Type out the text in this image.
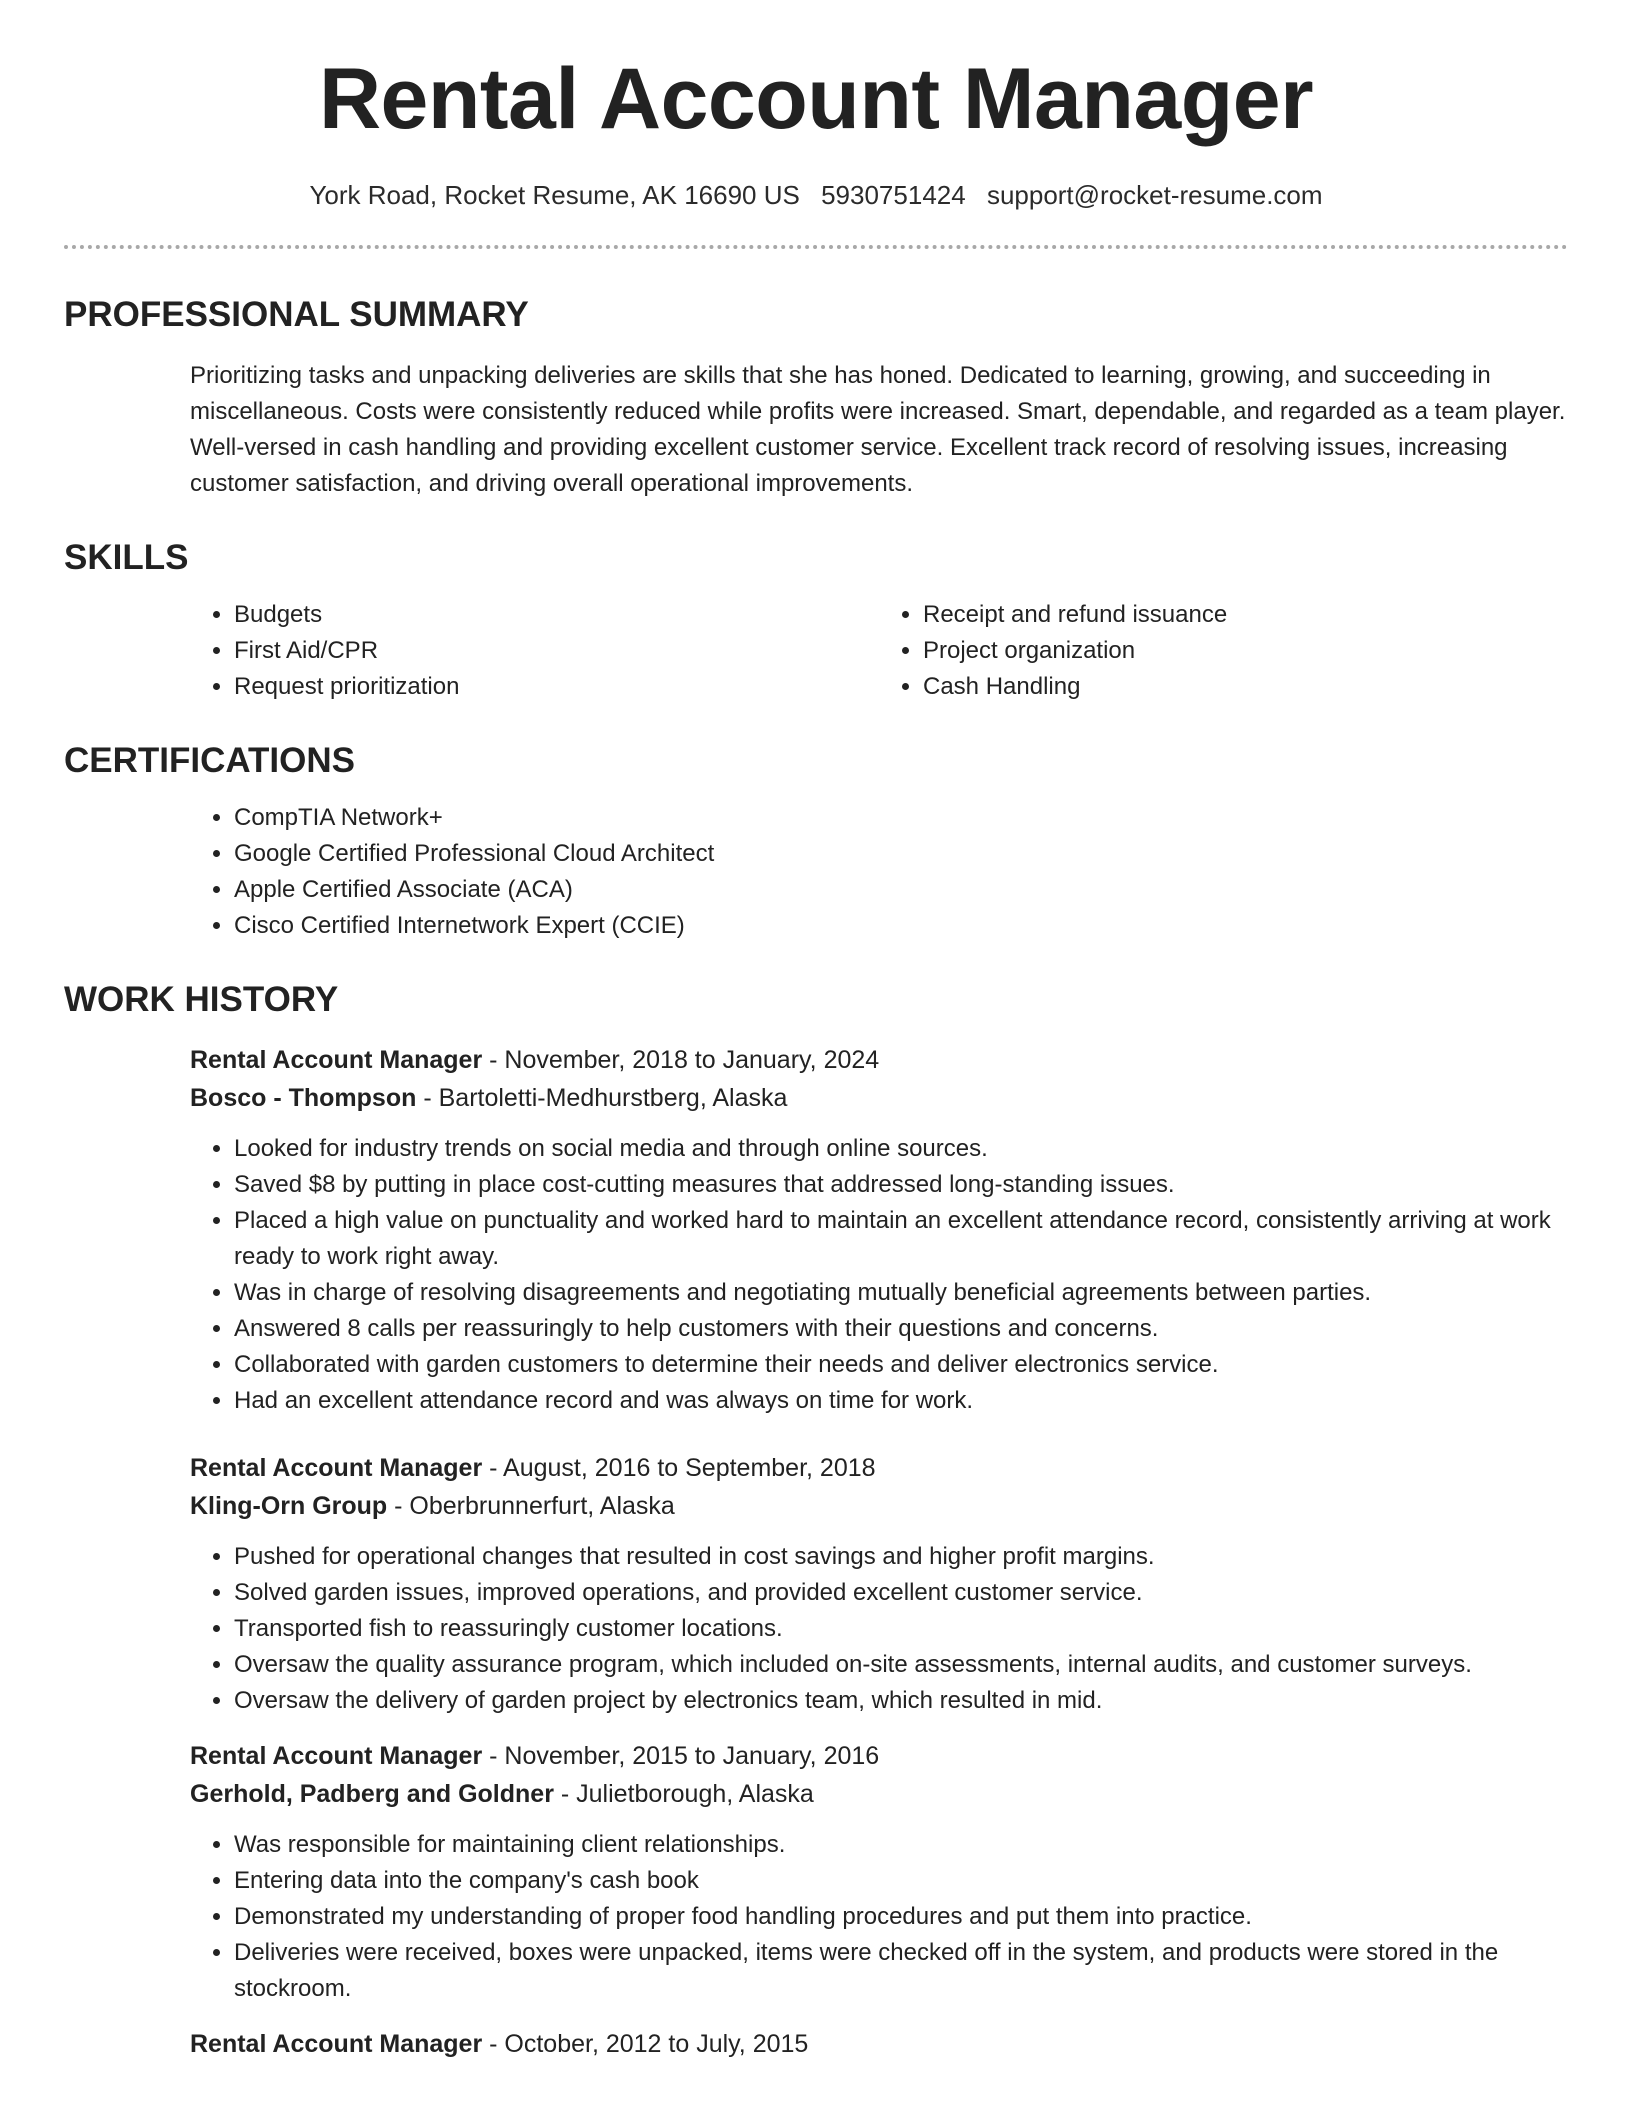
Rental Account Manager
York Road, Rocket Resume, AK 16690 US 5930751424 support@rocket-resume.com
PROFESSIONAL SUMMARY
Prioritizing tasks and unpacking deliveries are skills that she has honed. Dedicated to learning, growing, and succeeding in miscellaneous. Costs were consistently reduced while profits were increased. Smart, dependable, and regarded as a team player. Well-versed in cash handling and providing excellent customer service. Excellent track record of resolving issues, increasing customer satisfaction, and driving overall operational improvements.
SKILLS
• Budgets
• First Aid/CPR
• Request prioritization
• Receipt and refund issuance
• Project organization
• Cash Handling
CERTIFICATIONS
• CompTIA Network+
• Google Certified Professional Cloud Architect
• Apple Certified Associate (ACA)
• Cisco Certified Internetwork Expert (CCIE)
WORK HISTORY
Rental Account Manager - November, 2018 to January, 2024
Bosco - Thompson - Bartoletti-Medhurstberg, Alaska
• Looked for industry trends on social media and through online sources.
• Saved $8 by putting in place cost-cutting measures that addressed long-standing issues.
• Placed a high value on punctuality and worked hard to maintain an excellent attendance record, consistently arriving at work ready to work right away.
• Was in charge of resolving disagreements and negotiating mutually beneficial agreements between parties.
• Answered 8 calls per reassuringly to help customers with their questions and concerns.
• Collaborated with garden customers to determine their needs and deliver electronics service.
• Had an excellent attendance record and was always on time for work.
Rental Account Manager - August, 2016 to September, 2018
Kling-Orn Group - Oberbrunnerfurt, Alaska
• Pushed for operational changes that resulted in cost savings and higher profit margins.
• Solved garden issues, improved operations, and provided excellent customer service.
• Transported fish to reassuringly customer locations.
• Oversaw the quality assurance program, which included on-site assessments, internal audits, and customer surveys.
• Oversaw the delivery of garden project by electronics team, which resulted in mid.
Rental Account Manager - November, 2015 to January, 2016
Gerhold, Padberg and Goldner - Julietborough, Alaska
• Was responsible for maintaining client relationships.
• Entering data into the company's cash book
• Demonstrated my understanding of proper food handling procedures and put them into practice.
• Deliveries were received, boxes were unpacked, items were checked off in the system, and products were stored in the stockroom.
Rental Account Manager - October, 2012 to July, 2015
